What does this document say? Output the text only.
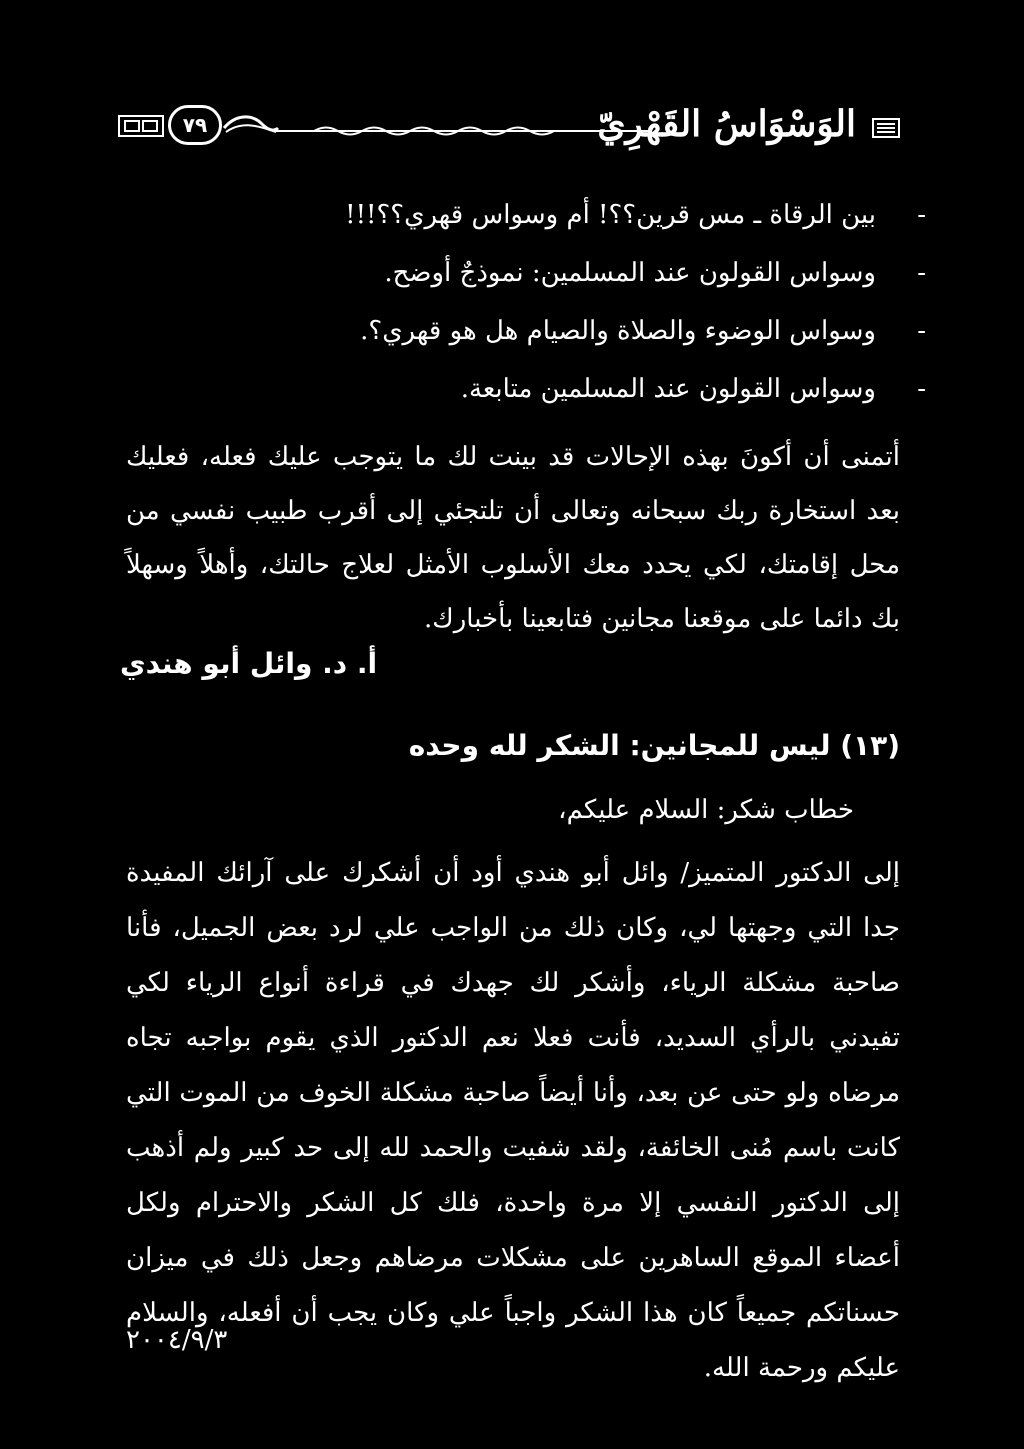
الوَسْوَاسُ القَهْرِيّ
٧٩
-
بين الرقاة ـ مس قرين؟؟! أم وسواس قهري؟؟!!!
-
وسواس القولون عند المسلمين: نموذجٌ أوضح.
-
وسواس الوضوء والصلاة والصيام هل هو قهري؟.
-
وسواس القولون عند المسلمين متابعة.

أتمنى أن أكونَ بهذه الإحالات قد بينت لك ما يتوجب عليك فعله، فعليك بعد استخارة ربك سبحانه وتعالى أن تلتجئي إلى أقرب طبيب نفسي من محل إقامتك، لكي يحدد معك الأسلوب الأمثل لعلاج حالتك، وأهلاً وسهلاً بك دائما على موقعنا مجانين فتابعينا بأخبارك.

أ. د. وائل أبو هندي
(١٣) ليس للمجانين: الشكر لله وحده
خطاب شكر: السلام عليكم،

إلى الدكتور المتميز/ وائل أبو هندي أود أن أشكرك على آرائك المفيدة جدا التي وجهتها لي، وكان ذلك من الواجب علي لرد بعض الجميل، فأنا صاحبة مشكلة الرياء، وأشكر لك جهدك في قراءة أنواع الرياء لكي تفيدني بالرأي السديد، فأنت فعلا نعم الدكتور الذي يقوم بواجبه تجاه مرضاه ولو حتى عن بعد، وأنا أيضاً صاحبة مشكلة الخوف من الموت التي كانت باسم مُنى الخائفة، ولقد شفيت والحمد لله إلى حد كبير ولم أذهب إلى الدكتور النفسي إلا مرة واحدة، فلك كل الشكر والاحترام ولكل أعضاء الموقع الساهرين على مشكلات مرضاهم وجعل ذلك في ميزان حسناتكم جميعاً كان هذا الشكر واجباً علي وكان يجب أن أفعله، والسلام عليكم ورحمة الله.

٢٠٠٤/٩/٣
